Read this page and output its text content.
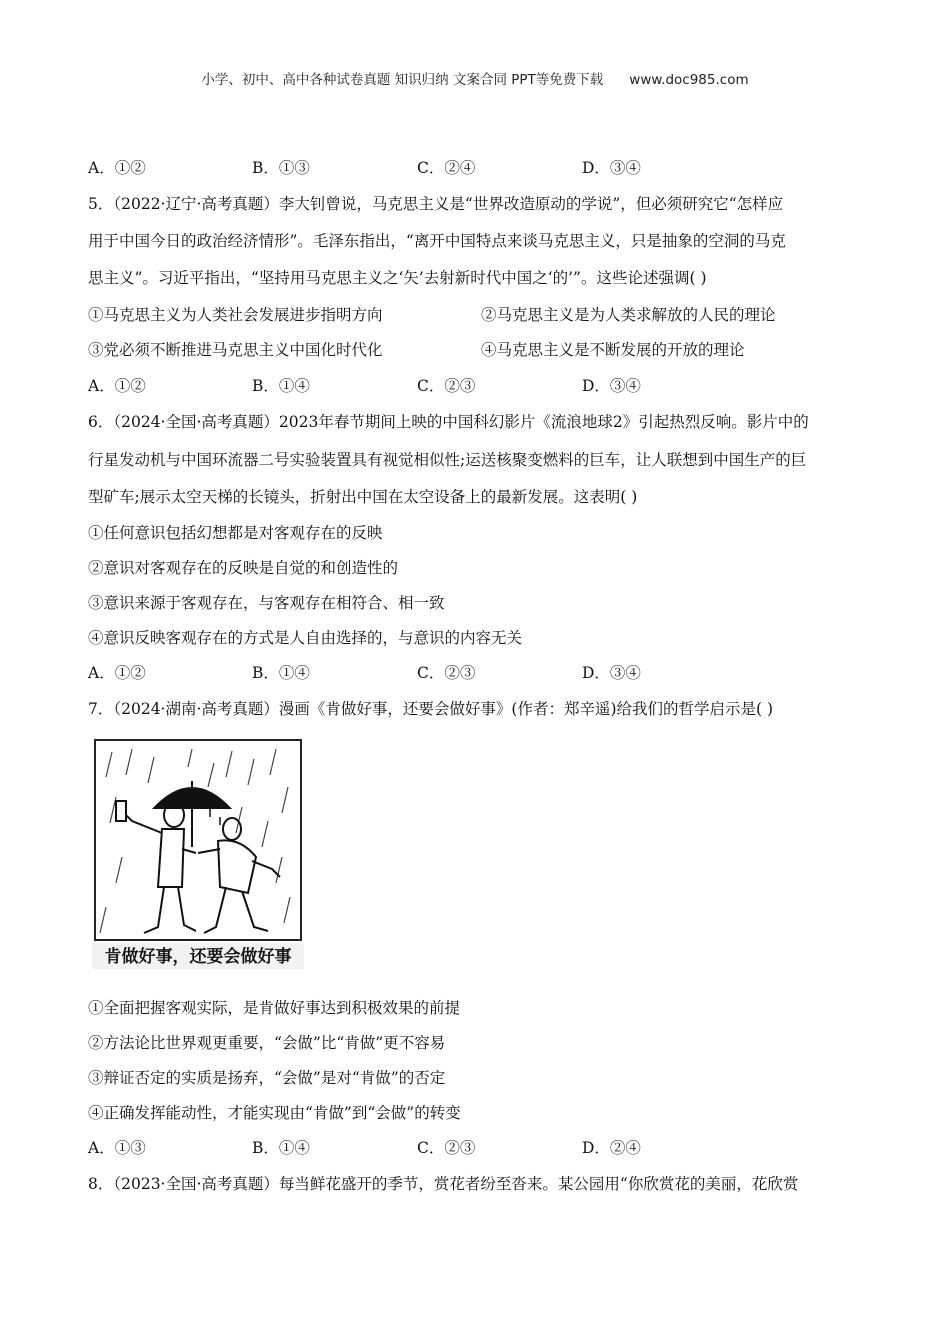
小学、初中、高中各种试卷真题 知识归纳 文案合同 PPT等免费下载 www.doc985.com
A．①②	B．①③	C．②④	D．③④
5．（2022·辽宁·高考真题）李大钊曾说，马克思主义是“世界改造原动的学说”，但必须研究它“怎样应
用于中国今日的政治经济情形”。毛泽东指出，“离开中国特点来谈马克思主义，只是抽象的空洞的马克
思主义”。习近平指出，“坚持用马克思主义之‘矢’去射新时代中国之‘的’”。这些论述强调( )
①马克思主义为人类社会发展进步指明方向	②马克思主义是为人类求解放的人民的理论
③党必须不断推进马克思主义中国化时代化	④马克思主义是不断发展的开放的理论
A．①②	B．①④	C．②③	D．③④
6．（2024·全国·高考真题）2023年春节期间上映的中国科幻影片《流浪地球2》引起热烈反响。影片中的
行星发动机与中国环流器二号实验装置具有视觉相似性;运送核聚变燃料的巨车，让人联想到中国生产的巨
型矿车;展示太空天梯的长镜头，折射出中国在太空设备上的最新发展。这表明( )
①任何意识包括幻想都是对客观存在的反映
②意识对客观存在的反映是自觉的和创造性的
③意识来源于客观存在，与客观存在相符合、相一致
④意识反映客观存在的方式是人自由选择的，与意识的内容无关
A．①②	B．①④	C．②③	D．③④
7．（2024·湖南·高考真题）漫画《肯做好事，还要会做好事》(作者：郑辛遥)给我们的哲学启示是( )
肯做好事，还要会做好事
①全面把握客观实际，是肯做好事达到积极效果的前提
②方法论比世界观更重要，“会做”比“肯做”更不容易
③辩证否定的实质是扬弃，“会做”是对“肯做”的否定
④正确发挥能动性，才能实现由“肯做”到“会做”的转变
A．①③	B．①④	C．②③	D．②④
8．（2023·全国·高考真题）每当鲜花盛开的季节，赏花者纷至沓来。某公园用“你欣赏花的美丽，花欣赏
